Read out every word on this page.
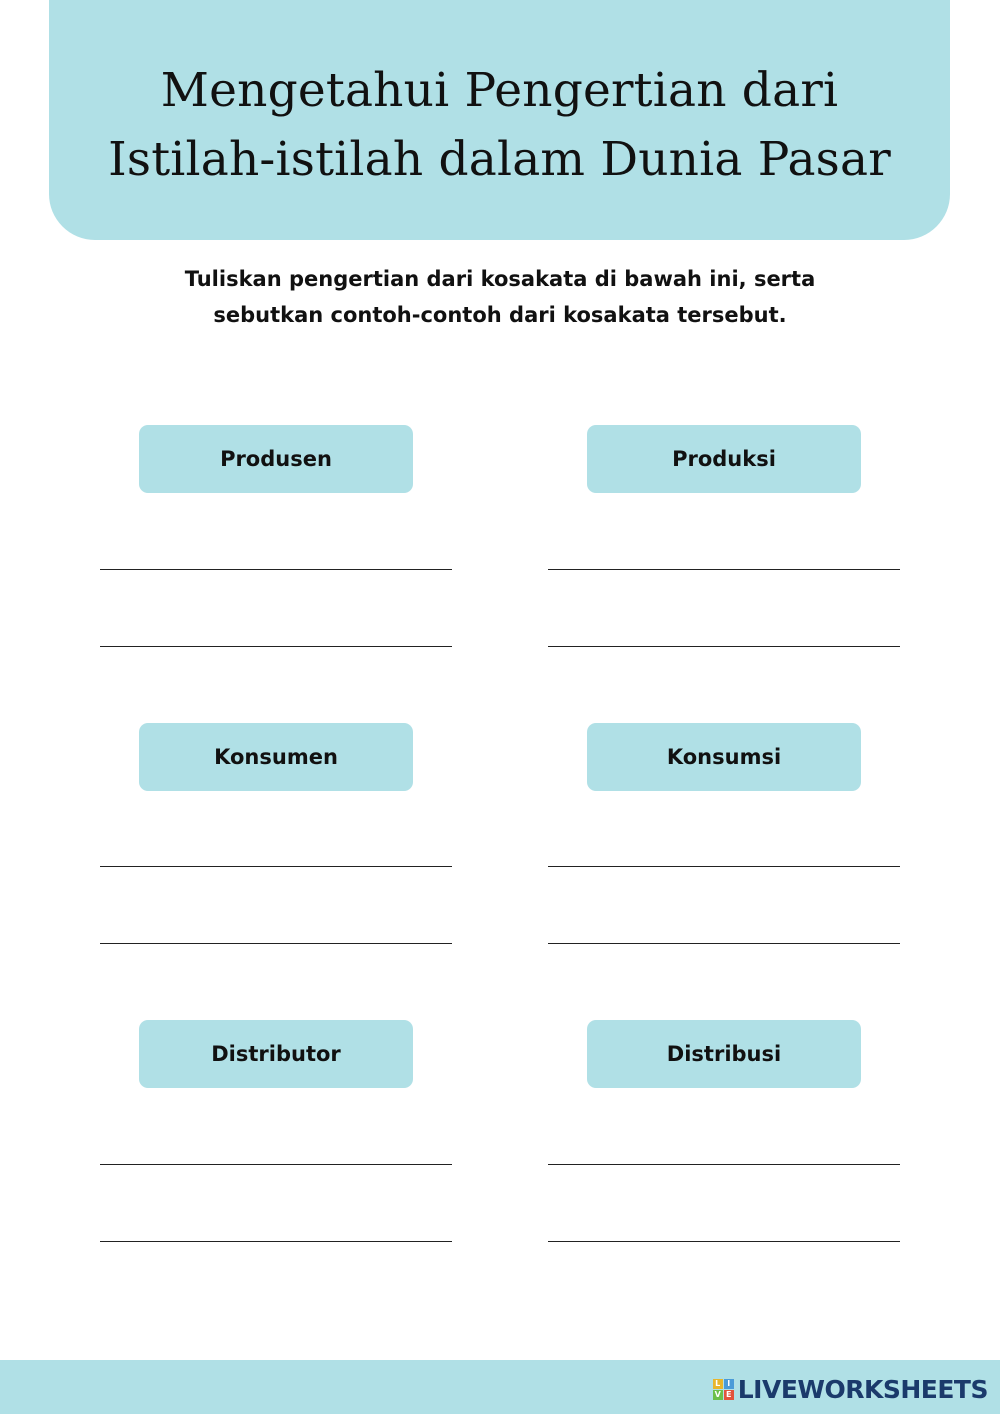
Mengetahui Pengertian dari
Istilah-istilah dalam Dunia Pasar
Tuliskan pengertian dari kosakata di bawah ini, serta
sebutkan contoh-contoh dari kosakata tersebut.
Produsen	Produksi
Konsumen	Konsumsi
Distributor	Distribusi
L I
V E LIVEWORKSHEETS
